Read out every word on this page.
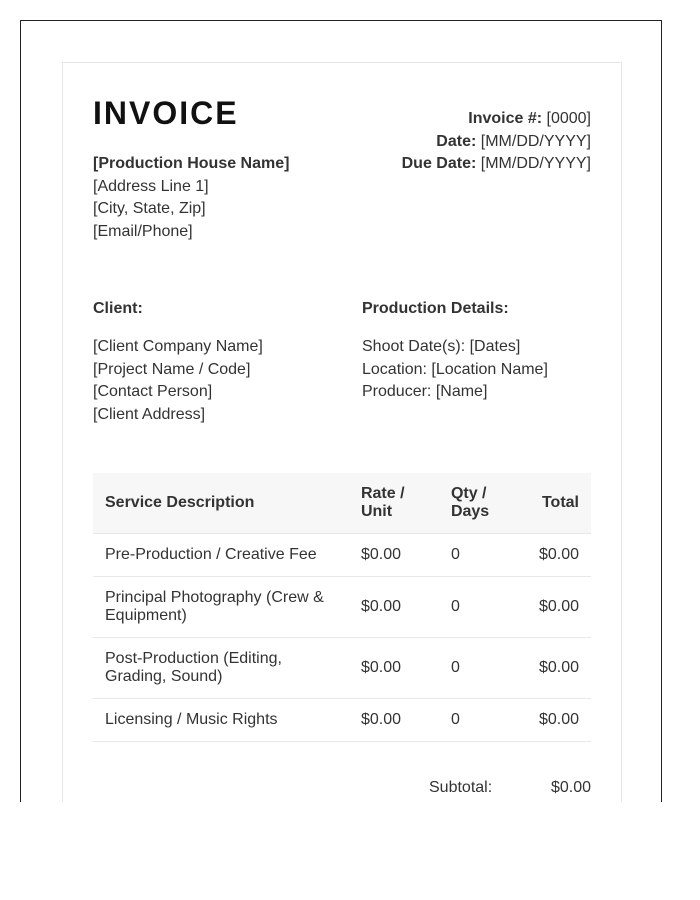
INVOICE	Invoice #: [0000]
Date: [MM/DD/YYYY]
Due Date: [MM/DD/YYYY]
[Production House Name]
[Address Line 1]
[City, State, Zip]
[Email/Phone]
Client:
[Client Company Name]
[Project Name / Code]
[Contact Person]
[Client Address]
Production Details:
Shoot Date(s): [Dates]
Location: [Location Name]
Producer: [Name]
Service Description	Rate / Unit	Qty / Days	Total
Pre-Production / Creative Fee	$0.00	0	$0.00
Principal Photography (Crew & Equipment)	$0.00	0	$0.00
Post-Production (Editing, Grading, Sound)	$0.00	0	$0.00
Licensing / Music Rights	$0.00	0	$0.00
Subtotal:	$0.00
